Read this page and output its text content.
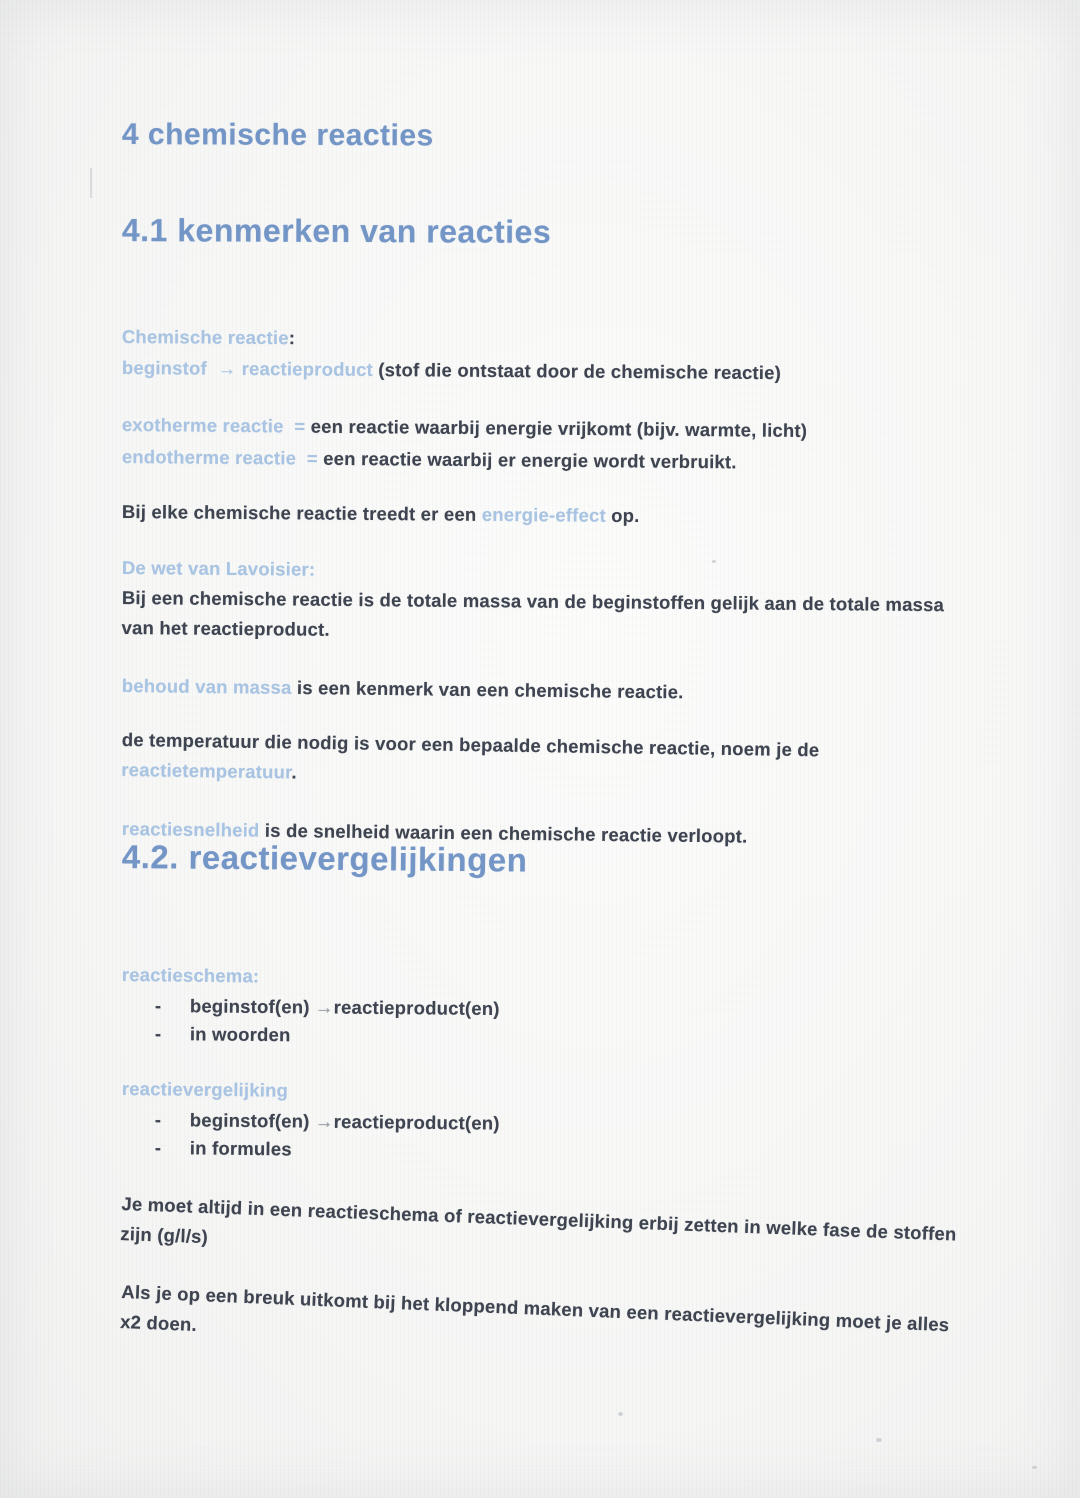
4 chemische reacties
4.1 kenmerken van reacties

Chemische reactie:

beginstof → reactieproduct (stof die ontstaat door de chemische reactie)

exotherme reactie = een reactie waarbij energie vrijkomt (bijv. warmte, licht)

endotherme reactie = een reactie waarbij er energie wordt verbruikt.

Bij elke chemische reactie treedt er een energie-effect op.

De wet van Lavoisier:

Bij een chemische reactie is de totale massa van de beginstoffen gelijk aan de totale massa van het reactieproduct.

behoud van massa is een kenmerk van een chemische reactie.

de temperatuur die nodig is voor een bepaalde chemische reactie, noem je de reactietemperatuur.

reactiesnelheid is de snelheid waarin een chemische reactie verloopt.

4.2. reactievergelijkingen

reactieschema:

- beginstof(en) →reactieproduct(en)

- in woorden

reactievergelijking

- beginstof(en) →reactieproduct(en)

- in formules

Je moet altijd in een reactieschema of reactievergelijking erbij zetten in welke fase de stoffen zijn (g/l/s)

Als je op een breuk uitkomt bij het kloppend maken van een reactievergelijking moet je alles x2 doen.
